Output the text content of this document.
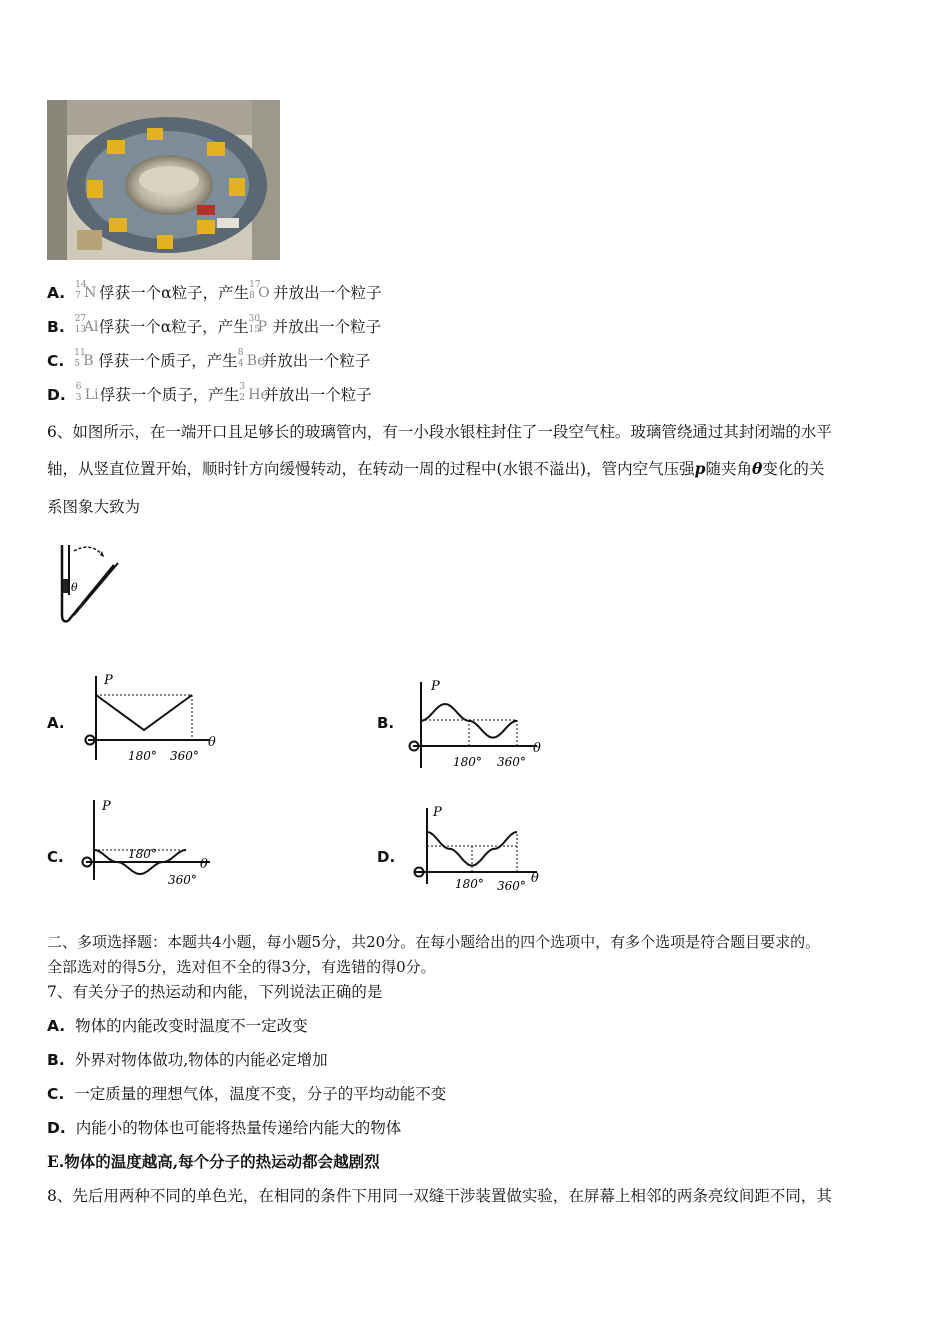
A. 14
7 N 俘获一个α粒子，产生 17
8 O 并放出一个粒子
B. 27
13
Al 俘获一个α粒子，产生 30
15
P 并放出一个粒子
C. 11
5 B 俘获一个质子，产生 8
4 Be
并放出一个粒子
D. 6
3 Li 俘获一个质子，产生 3
2 He
并放出一个粒子
6、如图所示，在一端开口且足够长的玻璃管内，有一小段水银柱封住了一段空气柱。玻璃管绕通过其封闭端的水平
轴，从竖直位置开始，顺时针方向缓慢转动，在转动一周的过程中(水银不溢出)，管内空气压强p随夹角θ变化的关
系图象大致为
θ
A.	B.
C.	D.
P
θ
180° 360°
P
θ
180° 360°
P
θ
180°
360°
P
θ
180° 360°
二、多项选择题：本题共4小题，每小题5分，共20分。在每小题给出的四个选项中，有多个选项是符合题目要求的。
全部选对的得5分，选对但不全的得3分，有选错的得0分。
7、有关分子的热运动和内能，下列说法正确的是
A. 物体的内能改变时温度不一定改变
B. 外界对物体做功,物体的内能必定增加
C. 一定质量的理想气体，温度不变，分子的平均动能不变
D. 内能小的物体也可能将热量传递给内能大的物体
E.物体的温度越高,每个分子的热运动都会越剧烈
8、先后用两种不同的单色光，在相同的条件下用同一双缝干涉装置做实验，在屏幕上相邻的两条亮纹间距不同，其
